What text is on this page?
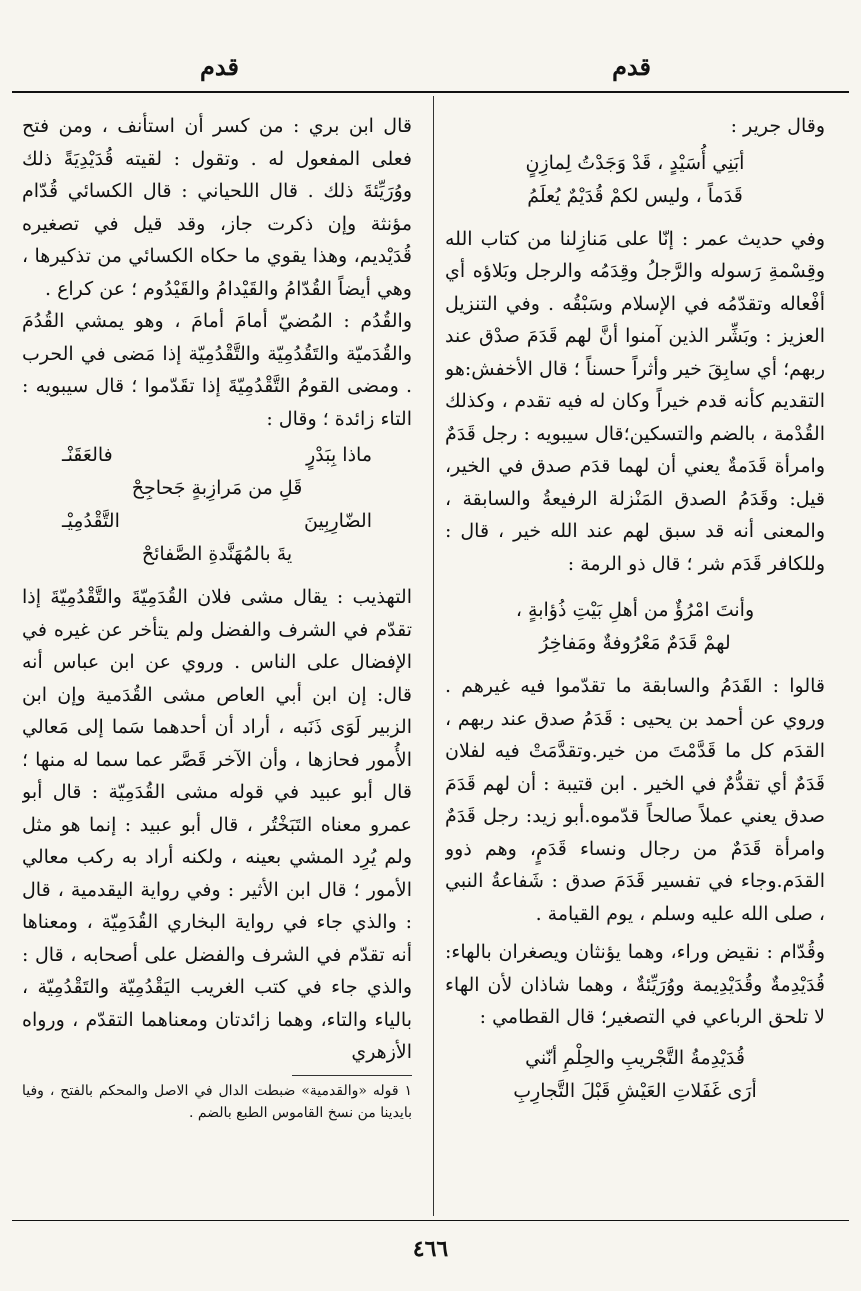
قدم
قدم

وقال جرير :

أبَنِي أُسَيْدٍ ، قَدْ وَجَدْتُ لِمازِنٍ
قَدَماً ، وليس لكمْ قُدَيْمٌ يُعلَمُ

وفي حديث عمر : إنّا على مَنازِلنا من كتاب الله وقِسْمةِ رَسوله والرَّجلُ وقِدَمُه والرجل وبَلاؤه أي أفْعاله وتقدّمُه في الإسلام وسَبْقُه . وفي التنزيل العزيز : وبَشِّر الذين آمنوا أنَّ لهم قَدَمَ صدْق عند ربهم؛ أي سابِقَ خير وأثراً حسناً ؛ قال الأخفش:هو التقديم كأنه قدم خيراً وكان له فيه تقدم ، وكذلك القُدْمة ، بالضم والتسكين؛قال سيبويه : رجل قَدَمٌ وامرأة قَدَمةٌ يعني أن لهما قدَم صدق في الخير، قيل: وقَدَمُ الصدق المَنْزلة الرفيعةُ والسابقة ، والمعنى أنه قد سبق لهم عند الله خير ، قال : وللكافر قَدَم شر ؛ قال ذو الرمة :

وأنتَ امْرُؤٌ من أهلِ بَيْتِ ذُؤابةٍ ،
لهمْ قَدَمٌ مَعْرُوفةٌ ومَفاخِرُ

قالوا : القَدَمُ والسابقة ما تقدّموا فيه غيرهم . وروي عن أحمد بن يحيى : قَدَمُ صدق عند ربهم ، القدَم كل ما قَدَّمْتَ من خير.وتقدَّمَتْ فيه لفلان قَدَمٌ أي تقدُّمٌ في الخير . ابن قتيبة : أن لهم قَدَمَ صدق يعني عملاً صالحاً قدّموه.أبو زيد: رجل قَدَمٌ وامرأة قَدَمٌ من رجال ونساء قَدَمٍ، وهم ذوو القدَم.وجاء في تفسير قَدَمَ صدق : شَفاعةُ النبي ، صلى الله عليه وسلم ، يوم القيامة .

وقُدّام : نقيض وراء، وهما يؤنثان ويصغران بالهاء: قُدَيْدِمةٌ وقُدَيْدِيمة ووُرَيِّئةٌ ، وهما شاذان لأن الهاء لا تلحق الرباعي في التصغير؛ قال القطامي :

قُدَيْدِمةُ التَّجْريبِ والحِلْمِ أنّني
أرَى غَفَلاتِ العَيْشِ قَبْلَ التَّجارِبِ

قال ابن بري : من كسر أن استأنف ، ومن فتح فعلى المفعول له . وتقول : لقيته قُدَيْدِيَةً ذلك ووُرَيِّئةَ ذلك . قال اللحياني : قال الكسائي قُدّام مؤنثة وإن ذكرت جاز، وقد قيل في تصغيره قُدَيْديم، وهذا يقوي ما حكاه الكسائي من تذكيرها ، وهي أيضاً القُدّامُ والقَيْدامُ والقَيْدُوم ؛ عن كراع .

والقُدُم : المُضيّ أمامَ أمامَ ، وهو يمشي القُدُمَ والقُدَميّة والتَقُدُمِيّة والتَّقْدُمِيّة إذا مَضى في الحرب . ومضى القومُ التَّقْدُمِيّةَ إذا تقَدّموا ؛ قال سيبويه : التاء زائدة ؛ وقال :

ماذا بِبَدْرٍ
فالعَقَنْـ
قَلِ من مَرازِبةٍ جَحاجِحْ
الضّارِبِينَ
التَّقْدُمِيْـ
يةَ بالمُهَنَّدةِ الصَّفائحْ

التهذيب : يقال مشى فلان القُدَمِيّةَ والتَّقْدُمِيّةَ إذا تقدّم في الشرف والفضل ولم يتأخر عن غيره في الإفضال على الناس . وروي عن ابن عباس أنه قال: إن ابن أبي العاص مشى القُدَمية وإن ابن الزبير لَوَى ذَنَبه ، أراد أن أحدهما سَما إلى مَعالي الأُمور فحازها ، وأن الآخر قَصَّر عما سما له منها ؛ قال أبو عبيد في قوله مشى القُدَمِيّة : قال أبو عمرو معناه التَبَخْتُر ، قال أبو عبيد : إنما هو مثل ولم يُرِد المشي بعينه ، ولكنه أراد به ركب معالي الأمور ؛ قال ابن الأثير : وفي رواية اليقدمية ، قال : والذي جاء في رواية البخاري القُدَمِيّة ، ومعناها أنه تقدّم في الشرف والفضل على أصحابه ، قال : والذي جاء في كتب الغريب اليَقْدُمِيّة والتَقْدُمِيّة ، بالياء والتاء، وهما زائدتان ومعناهما التقدّم ، ورواه الأزهري

١ قوله «والقدمية» ضبطت الدال في الاصل والمحكم بالفتح ، وفيا بايدينا من نسخ القاموس الطبع بالضم .
٤٦٦
